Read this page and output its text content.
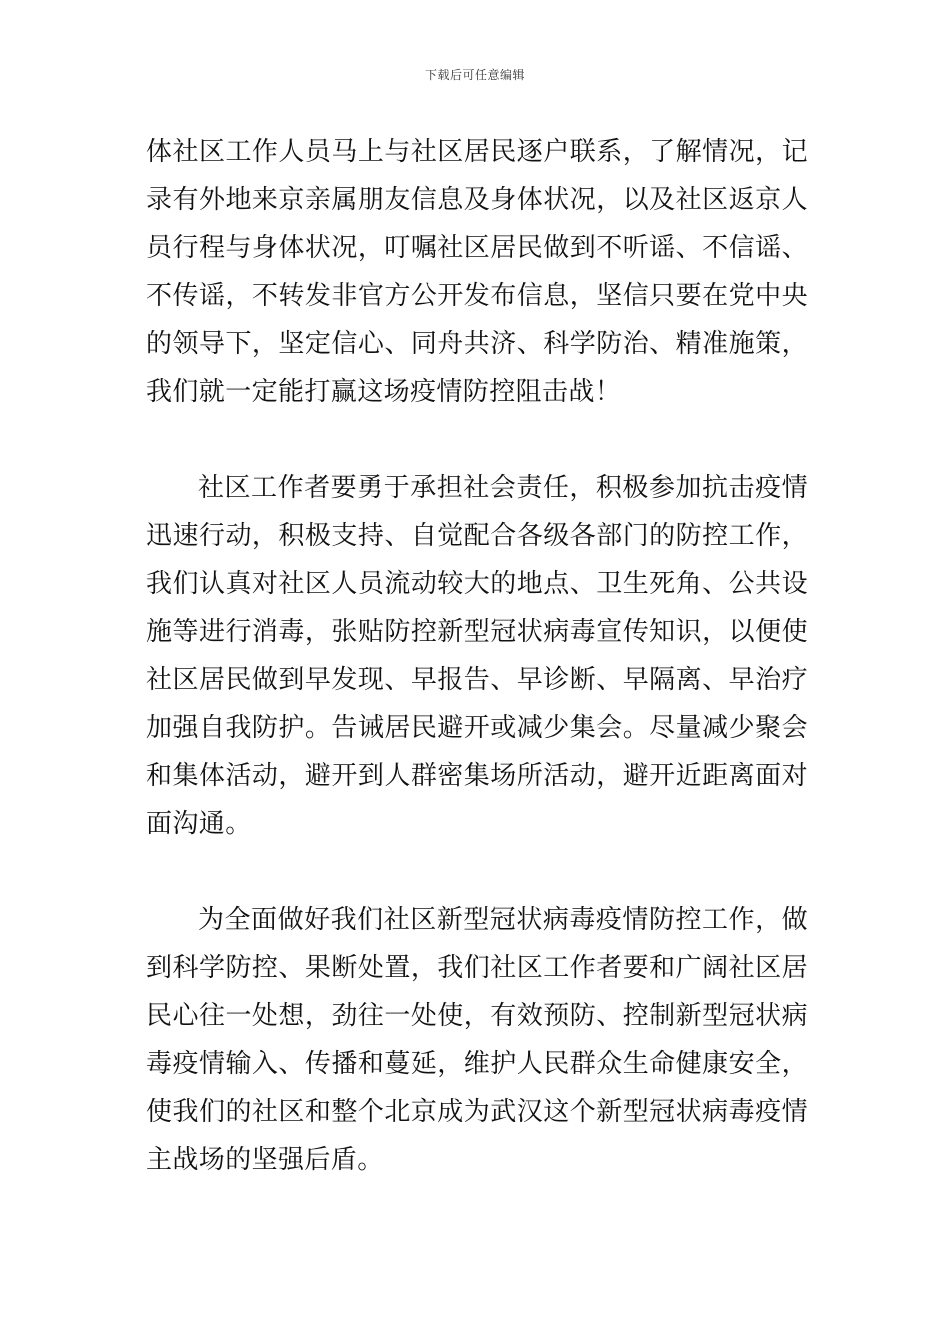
下载后可任意编辑

体社区工作人员马上与社区居民逐户联系，了解情况，记录有外地来京亲属朋友信息及身体状况，以及社区返京人员行程与身体状况，叮嘱社区居民做到不听谣、不信谣、不传谣，不转发非官方公开发布信息，坚信只要在党中央的领导下，坚定信心、同舟共济、科学防治、精准施策，我们就一定能打赢这场疫情防控阻击战！

社区工作者要勇于承担社会责任，积极参加抗击疫情迅速行动，积极支持、自觉配合各级各部门的防控工作，我们认真对社区人员流动较大的地点、卫生死角、公共设施等进行消毒，张贴防控新型冠状病毒宣传知识，以便使社区居民做到早发现、早报告、早诊断、早隔离、早治疗加强自我防护。告诫居民避开或减少集会。尽量减少聚会和集体活动，避开到人群密集场所活动，避开近距离面对面沟通。

为全面做好我们社区新型冠状病毒疫情防控工作，做到科学防控、果断处置，我们社区工作者要和广阔社区居民心往一处想，劲往一处使，有效预防、控制新型冠状病毒疫情输入、传播和蔓延，维护人民群众生命健康安全，使我们的社区和整个北京成为武汉这个新型冠状病毒疫情主战场的坚强后盾。
